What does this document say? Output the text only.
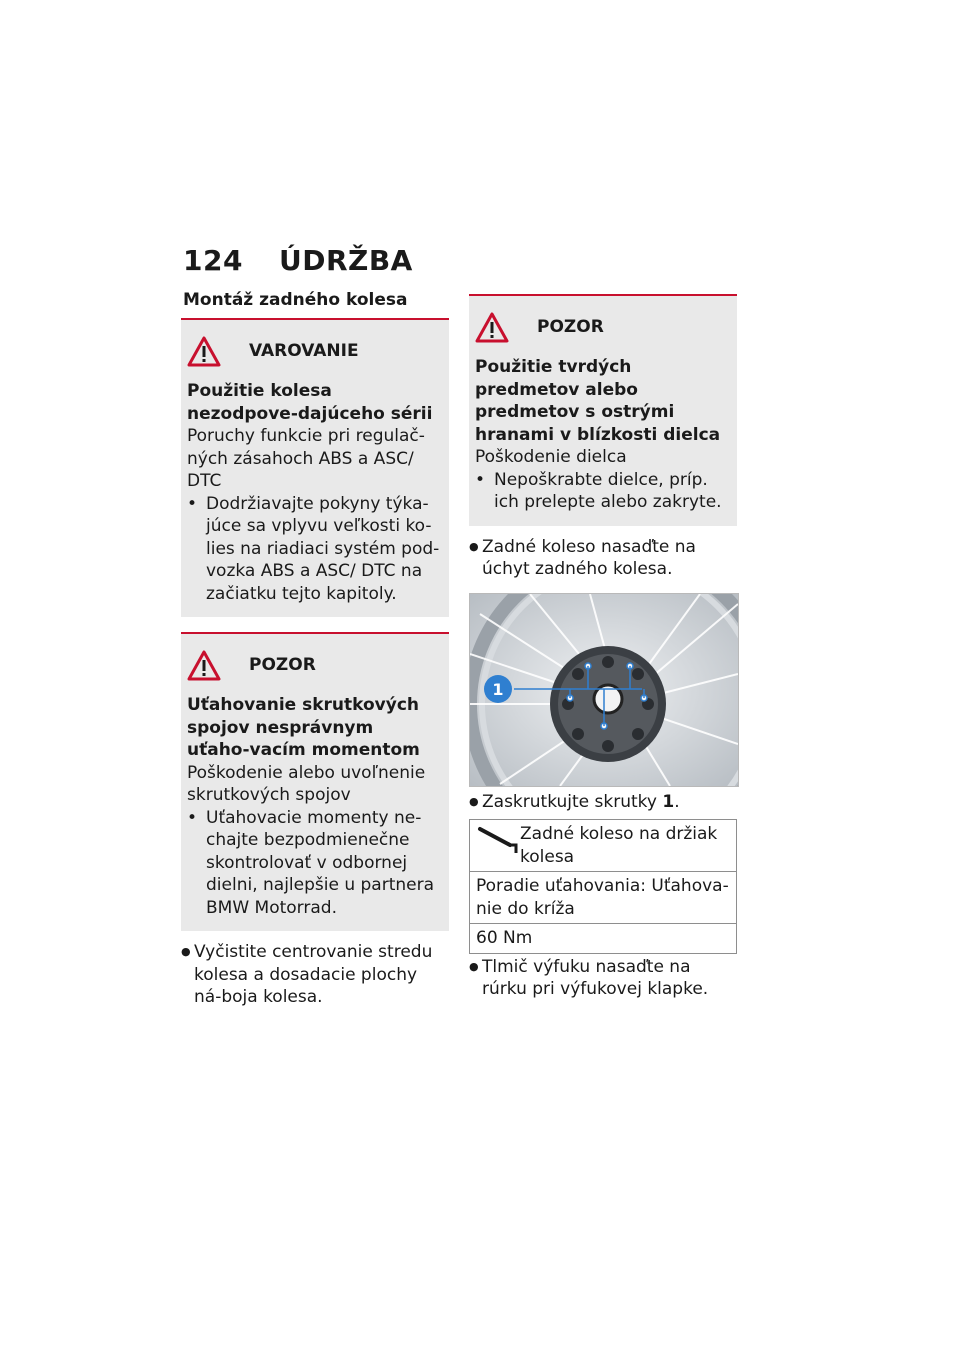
124 ÚDRŽBA
Montáž zadného kolesa
VAROVANIE
Použitie kolesa nezodpove-dajúceho sérii
Poruchy funkcie pri regulač-
ných zásahoch ABS a ASC/
DTC
• Dodržiavajte pokyny týka-júce sa vplyvu veľkosti ko-lies na riadiaci systém pod-vozka ABS a ASC/ DTC na začiatku tejto kapitoly.
POZOR
Uťahovanie skrutkových spojov nesprávnym uťaho-vacím momentom
Poškodenie alebo uvoľnenie
skrutkových spojov
• Uťahovacie momenty ne-chajte bezpodmienečne skontrolovať v odbornej dielni, najlepšie u partnera BMW Motorrad.
● Vyčistite centrovanie stredu kolesa a dosadacie plochy ná-boja kolesa.
POZOR
Použitie tvrdých predmetov alebo predmetov s ostrými hranami v blízkosti dielca
Poškodenie dielca
• Nepoškrabte dielce, príp. ich prelepte alebo zakryte.
● Zadné koleso nasaďte na úchyt zadného kolesa.
1
● Zaskrutkujte skrutky 1.
Zadné koleso na držiak kolesa

Poradie uťahovania: Uťahova-nie do kríža
60 Nm
● Tlmič výfuku nasaďte na rúrku pri výfukovej klapke.
